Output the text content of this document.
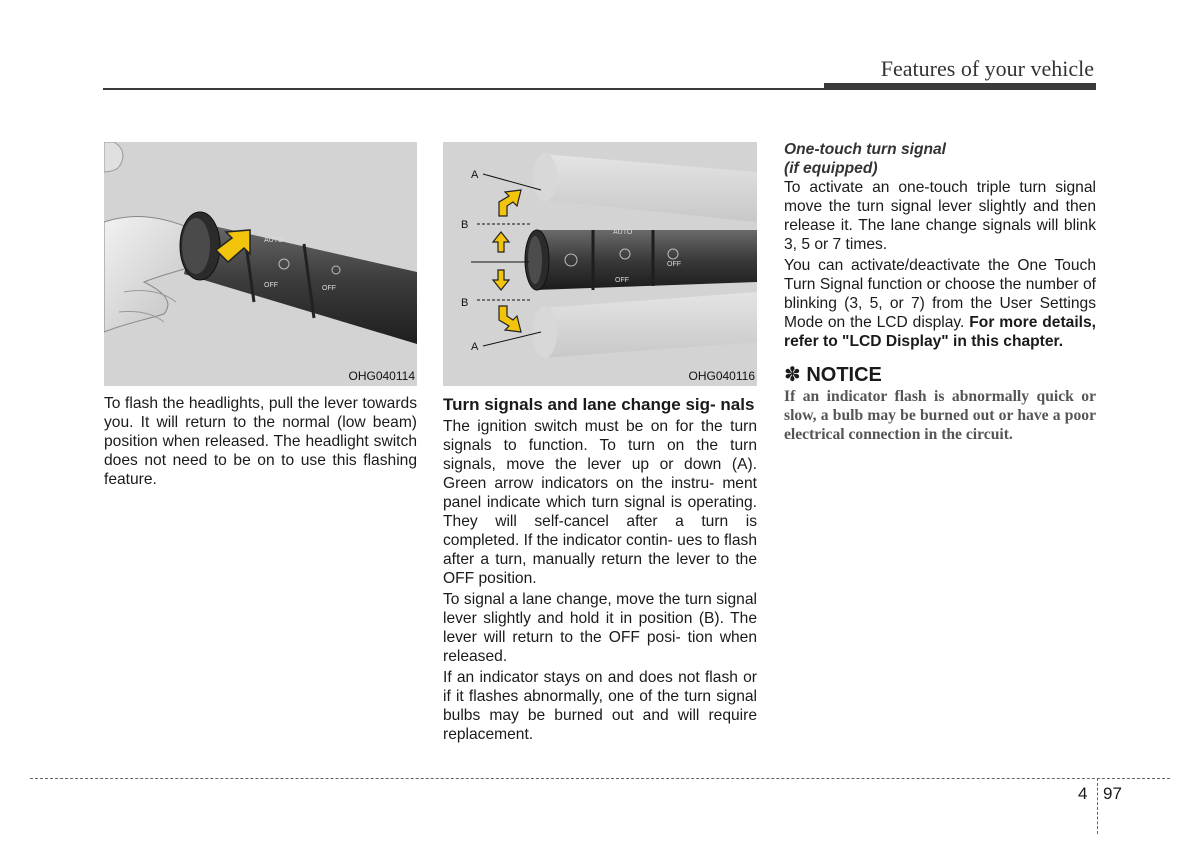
Features of your vehicle
AUTO
OFF	OFF
OHG040114
AUTO
OFF
OFF
A
B
B
A
OHG040116

To flash the headlights, pull the lever towards you. It will return to the normal (low beam) position when released. The headlight switch does not need to be on to use this flashing feature.

Turn signals and lane change sig- nals

The ignition switch must be on for the turn signals to function. To turn on the turn signals, move the lever up or down (A). Green arrow indicators on the instru- ment panel indicate which turn signal is operating. They will self-cancel after a turn is completed. If the indicator contin- ues to flash after a turn, manually return the lever to the OFF position.

To signal a lane change, move the turn signal lever slightly and hold it in position (B). The lever will return to the OFF posi- tion when released.

If an indicator stays on and does not flash or if it flashes abnormally, one of the turn signal bulbs may be burned out and will require replacement.

One-touch turn signal
(if equipped)

To activate an one-touch triple turn signal move the turn signal lever slightly and then release it. The lane change signals will blink 3, 5 or 7 times.

You can activate/deactivate the One Touch Turn Signal function or choose the number of blinking (3, 5, or 7) from the User Settings Mode on the LCD display. For more details, refer to "LCD Display" in this chapter.

✽ NOTICE

If an indicator flash is abnormally quick or slow, a bulb may be burned out or have a poor electrical connection in the circuit.

4 97
